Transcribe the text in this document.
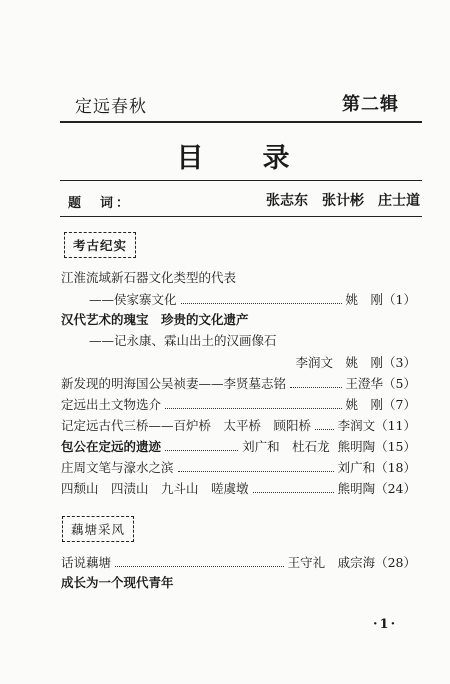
定远春秋	第二辑
目　录
题　词：	张志东　张计彬　庄士道
考古纪实
江淮流域新石器文化类型的代表
——侯家寨文化	姚　刚 （1）
汉代艺术的瑰宝　珍贵的文化遗产
——记永康、霖山出土的汉画像石
李润文　姚　刚 （3）
新发现的明海国公吴祯妻——李贤墓志铭	王澄华 （5）
定远出土文物选介	姚　刚 （7）
记定远古代三桥——百炉桥　太平桥　顾阳桥 李润文 （11）
包公在定远的遗迹	刘广和　杜石龙 熊明陶 （15）
庄周文笔与濠水之滨	刘广和 （18）
四颓山　四渍山　九斗山　嗟虞墩	熊明陶 （24）
藕塘采风
话说藕塘	王守礼　戚宗海 （28）
成长为一个现代青年
·1·
